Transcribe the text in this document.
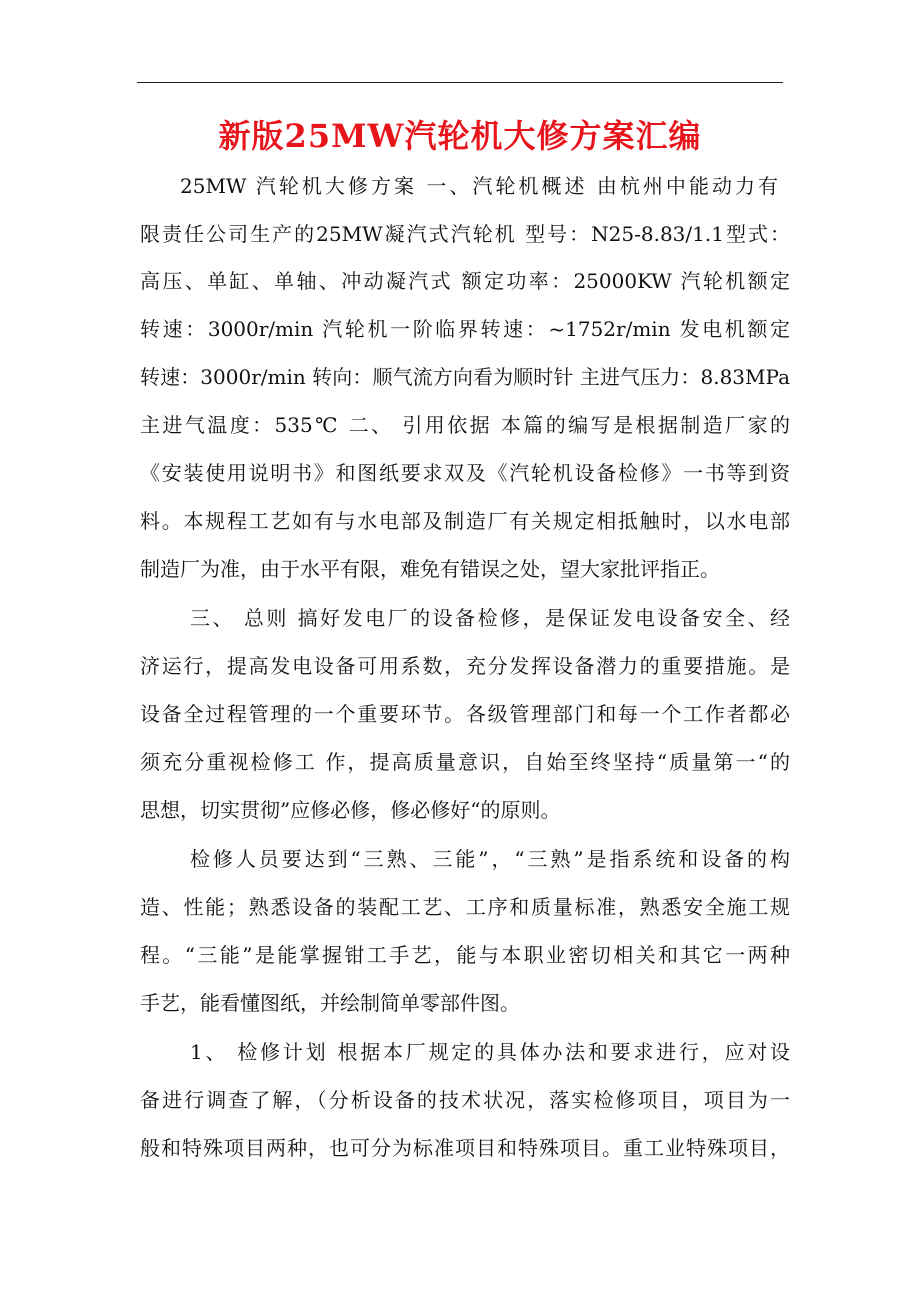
新版25MW汽轮机大修方案汇编
25MW 汽轮机大修方案 一、汽轮机概述 由杭州中能动力有
限责任公司生产的25MW凝汽式汽轮机 型号：N25-8.83/1.1型式：
高压、单缸、单轴、冲动凝汽式 额定功率：25000KW 汽轮机额定
转速：3000r/min 汽轮机一阶临界转速：~1752r/min 发电机额定
转速：3000r/min 转向：顺气流方向看为顺时针 主进气压力：8.83MPa
主进气温度：535℃ 二、 引用依据 本篇的编写是根据制造厂家的
《安装使用说明书》和图纸要求双及《汽轮机设备检修》一书等到资
料。本规程工艺如有与水电部及制造厂有关规定相抵触时，以水电部
制造厂为准，由于水平有限，难免有错误之处，望大家批评指正。
三、 总则 搞好发电厂的设备检修，是保证发电设备安全、经
济运行，提高发电设备可用系数，充分发挥设备潜力的重要措施。是
设备全过程管理的一个重要环节。各级管理部门和每一个工作者都必
须充分重视检修工 作，提高质量意识，自始至终坚持“质量第一“的
思想，切实贯彻”应修必修，修必修好“的原则。
检修人员要达到“三熟、三能”，“三熟”是指系统和设备的构
造、性能；熟悉设备的装配工艺、工序和质量标准，熟悉安全施工规
程。“三能”是能掌握钳工手艺，能与本职业密切相关和其它一两种
手艺，能看懂图纸，并绘制简单零部件图。
1、 检修计划 根据本厂规定的具体办法和要求进行，应对设
备进行调查了解，（分析设备的技术状况，落实检修项目，项目为一
般和特殊项目两种，也可分为标准项目和特殊项目。重工业特殊项目，
